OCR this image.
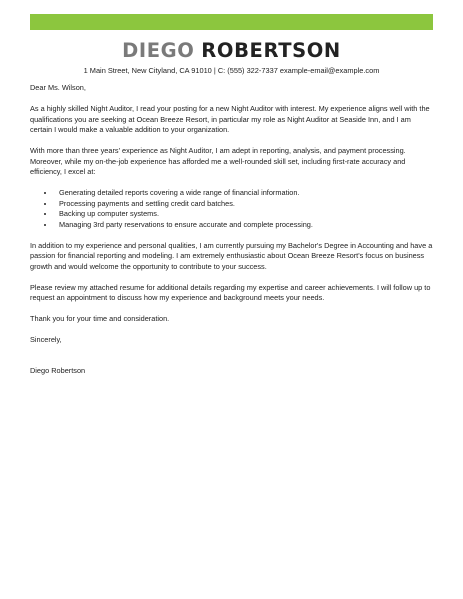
DIEGO ROBERTSON
1 Main Street, New Cityland, CA 91010 | C: (555) 322-7337 example-email@example.com

Dear Ms. Wilson,

As a highly skilled Night Auditor, I read your posting for a new Night Auditor with interest. My experience aligns well with the qualifications you are seeking at Ocean Breeze Resort, in particular my role as Night Auditor at Seaside Inn, and I am certain I would make a valuable addition to your organization.

With more than three years' experience as Night Auditor, I am adept in reporting, analysis, and payment processing. Moreover, while my on-the-job experience has afforded me a well-rounded skill set, including first-rate accuracy and efficiency, I excel at:

• Generating detailed reports covering a wide range of financial information.
• Processing payments and settling credit card batches.
• Backing up computer systems.
• Managing 3rd party reservations to ensure accurate and complete processing.

In addition to my experience and personal qualities, I am currently pursuing my Bachelor's Degree in Accounting and have a passion for financial reporting and modeling. I am extremely enthusiastic about Ocean Breeze Resort's focus on business growth and would welcome the opportunity to contribute to your success.

Please review my attached resume for additional details regarding my expertise and career achievements. I will follow up to request an appointment to discuss how my experience and background meets your needs.

Thank you for your time and consideration.

Sincerely,

Diego Robertson
